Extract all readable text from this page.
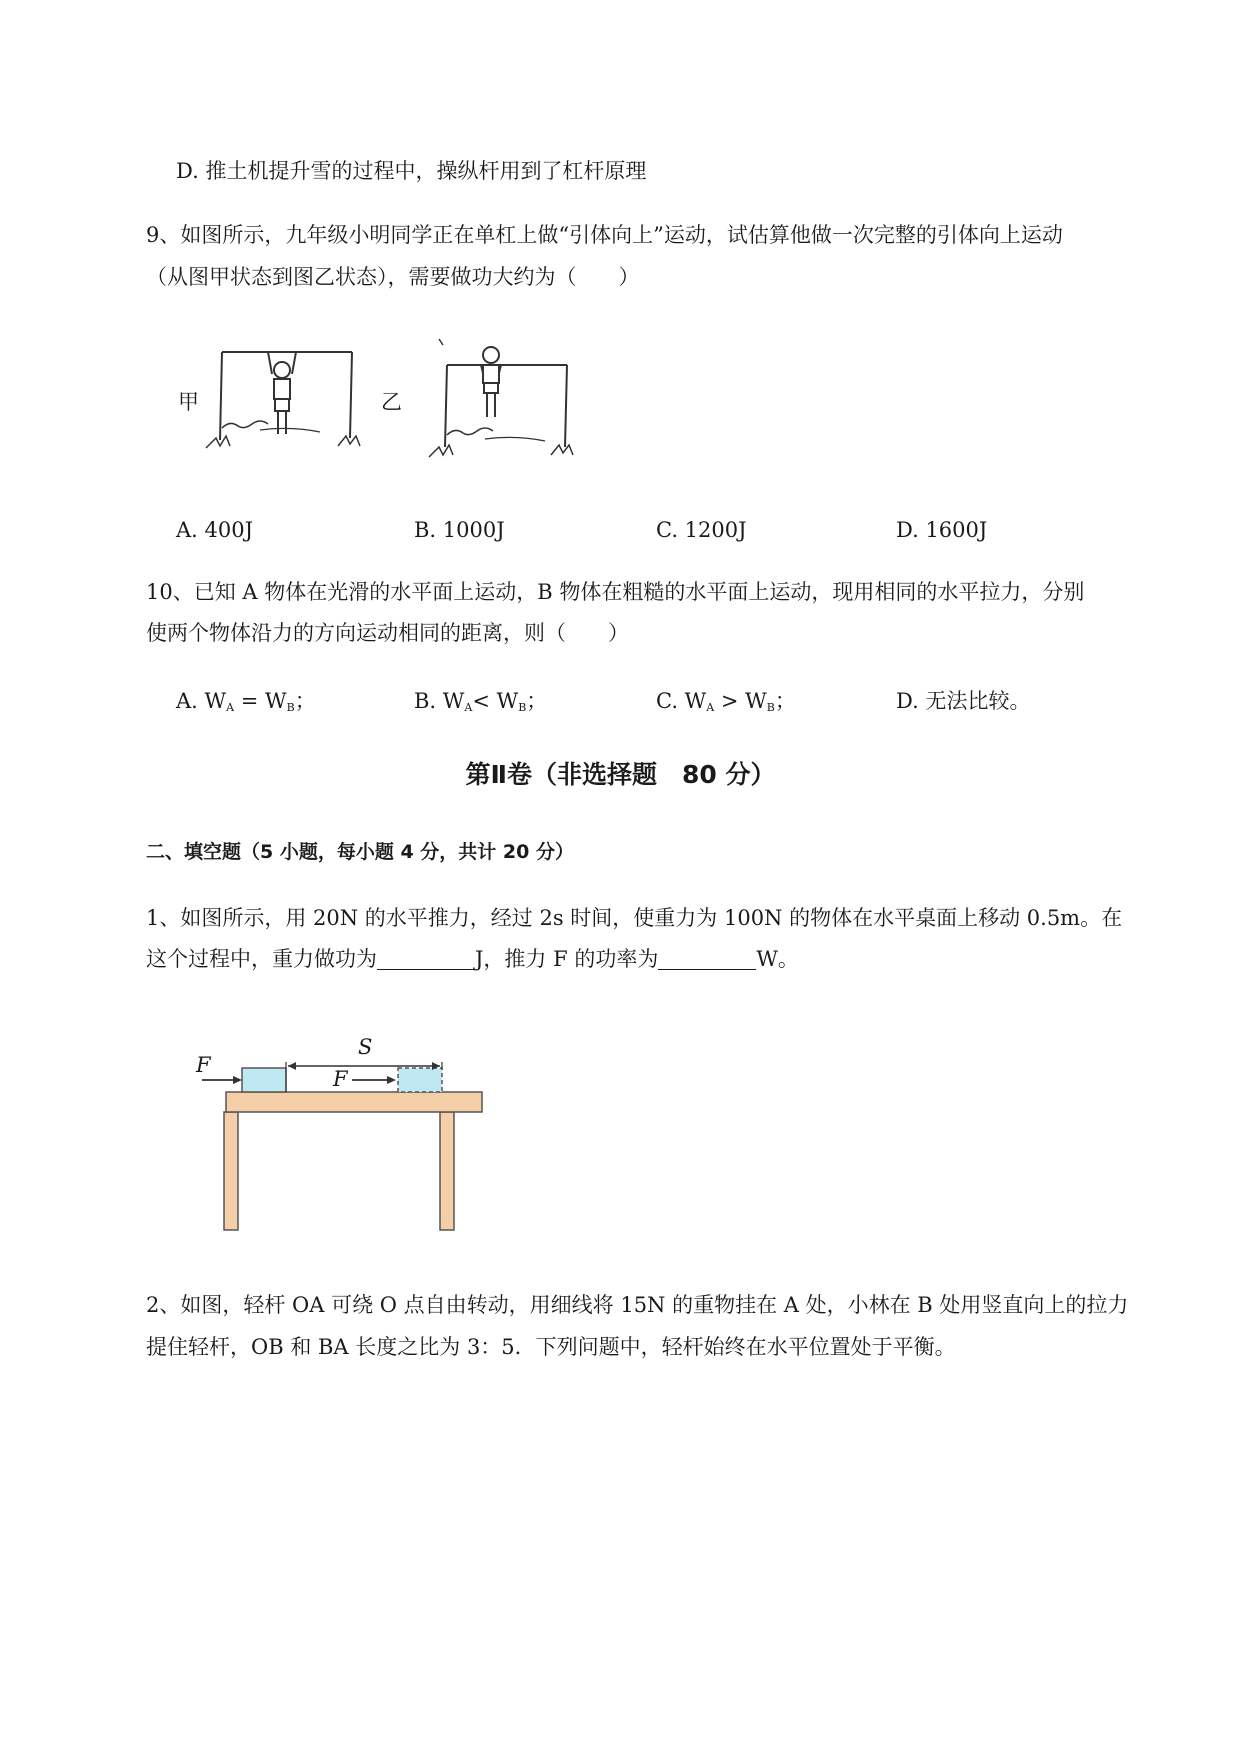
D. 推土机提升雪的过程中，操纵杆用到了杠杆原理
9、如图所示，九年级小明同学正在单杠上做“引体向上”运动，试估算他做一次完整的引体向上运动
（从图甲状态到图乙状态），需要做功大约为（　　）
甲	乙
A. 400J	B. 1000J	C. 1200J	D. 1600J
10、已知 A 物体在光滑的水平面上运动，B 物体在粗糙的水平面上运动，现用相同的水平拉力，分别
使两个物体沿力的方向运动相同的距离，则（　　）
A. $W_A = W_B$；	B. $W_A< W_B$；	C. $W_A > W_B$；	D. 无法比较。
第Ⅱ卷（非选择题　80 分）
二、填空题（5 小题，每小题 4 分，共计 20 分）
1、如图所示，用 20N 的水平推力，经过 2s 时间，使重力为 100N 的物体在水平桌面上移动 0.5m。在
这个过程中，重力做功为	J，推力 F 的功率为	W。
F
F
S
2、如图，轻杆 OA 可绕 O 点自由转动，用细线将 15N 的重物挂在 A 处，小林在 B 处用竖直向上的拉力
提住轻杆，OB 和 BA 长度之比为 3：5．下列问题中，轻杆始终在水平位置处于平衡。
